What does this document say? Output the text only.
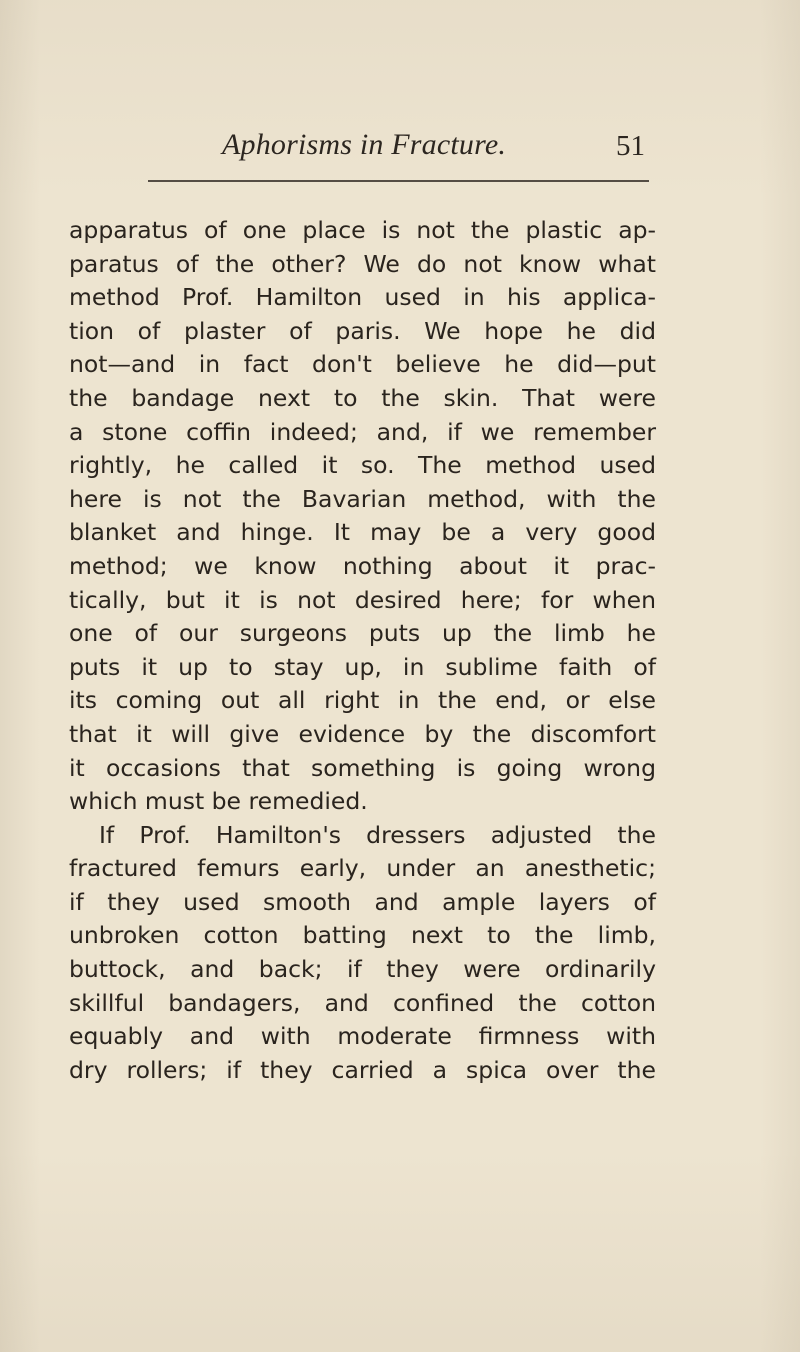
Aphorisms in Fracture.	51
apparatus of one place is not the plastic ap-
paratus of the other? We do not know what
method Prof. Hamilton used in his applica-
tion of plaster of paris. We hope he did
not—and in fact don't believe he did—put
the bandage next to the skin. That were
a stone coffin indeed; and, if we remember
rightly, he called it so. The method used
here is not the Bavarian method, with the
blanket and hinge. It may be a very good
method; we know nothing about it prac-
tically, but it is not desired here; for when
one of our surgeons puts up the limb he
puts it up to stay up, in sublime faith of
its coming out all right in the end, or else
that it will give evidence by the discomfort
it occasions that something is going wrong
which must be remedied.
If Prof. Hamilton's dressers adjusted the
fractured femurs early, under an anesthetic;
if they used smooth and ample layers of
unbroken cotton batting next to the limb,
buttock, and back; if they were ordinarily
skillful bandagers, and confined the cotton
equably and with moderate firmness with
dry rollers; if they carried a spica over the
